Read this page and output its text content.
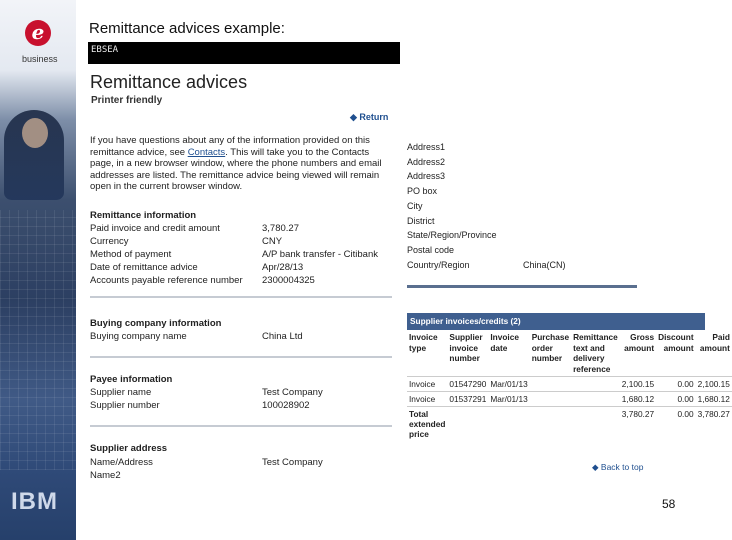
e
business
IBM
Remittance advices example:
EBSEA
Remittance advices
Printer friendly
◆ Return
If you have questions about any of the information provided on this remittance advice, see Contacts. This will take you to the Contacts page, in a new browser window, where the phone numbers and email addresses are listed. The remittance advice being viewed will remain open in the current browser window.
Remittance information
Paid invoice and credit amount	3,780.27
Currency	CNY
Method of payment	A/P bank transfer - Citibank
Date of remittance advice	Apr/28/13
Accounts payable reference number	2300004325
Buying company information
Buying company name	China Ltd
Payee information
Supplier name	Test Company
Supplier number	100028902
Supplier address
Name/Address	Test Company
Name2
Address1
Address2
Address3
PO box
City
District
State/Region/Province
Postal code
Country/Region	China(CN)
Supplier invoices/credits (2)
Invoice type	Supplier invoice number	Invoice date	Purchase order number	Remittance text and delivery reference	Gross amount	Discount amount	Paid amount
Invoice	01547290	Mar/01/13			2,100.15	0.00	2,100.15
Invoice	01537291	Mar/01/13			1,680.12	0.00	1,680.12
Total extended price					3,780.27	0.00	3,780.27
◆ Back to top
58
